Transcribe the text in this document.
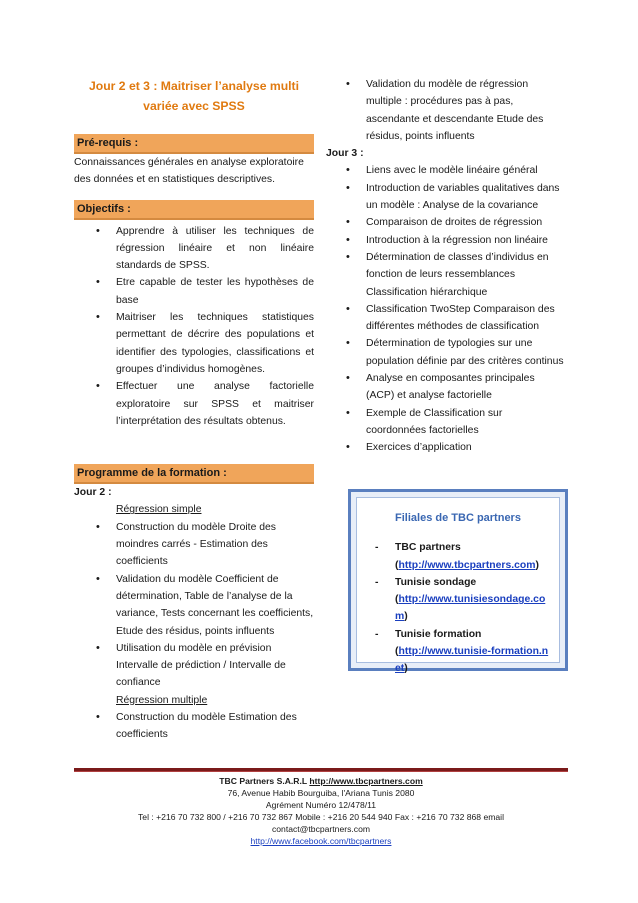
Jour 2 et 3 : Maitriser l’analyse multi variée avec SPSS
Pré-requis :
Connaissances générales en analyse exploratoire des données et en statistiques descriptives.
Objectifs :
• Apprendre à utiliser les techniques de régression linéaire et non linéaire standards de SPSS.
• Etre capable de tester les hypothèses de base
• Maitriser les techniques statistiques permettant de décrire des populations et identifier des typologies, classifications et groupes d’individus homogènes.
• Effectuer une analyse factorielle exploratoire sur SPSS et maitriser l’interprétation des résultats obtenus.
Programme de la formation :
Jour 2 :
Régression simple
• Construction du modèle Droite des moindres carrés - Estimation des coefficients
• Validation du modèle Coefficient de détermination, Table de l’analyse de la variance, Tests concernant les coefficients, Etude des résidus, points influents
• Utilisation du modèle en prévision Intervalle de prédiction / Intervalle de confiance
Régression multiple
• Construction du modèle Estimation des coefficients
• Validation du modèle de régression multiple : procédures pas à pas, ascendante et descendante Etude des résidus, points influents
Jour 3 :
• Liens avec le modèle linéaire général
• Introduction de variables qualitatives dans un modèle : Analyse de la covariance
• Comparaison de droites de régression
• Introduction à la régression non linéaire
• Détermination de classes d’individus en fonction de leurs ressemblances Classification hiérarchique
• Classification TwoStep Comparaison des différentes méthodes de classification
• Détermination de typologies sur une population définie par des critères continus
• Analyse en composantes principales (ACP) et analyse factorielle
• Exemple de Classification sur coordonnées factorielles
• Exercices d’application
Filiales de TBC partners
- TBC partners
(http://www.tbcpartners.com)
- Tunisie sondage
(http://www.tunisiesondage.com)
- Tunisie formation
(http://www.tunisie-formation.net)
TBC Partners S.A.R.L http://www.tbcpartners.com
76, Avenue Habib Bourguiba, l'Ariana Tunis 2080
Agrément Numéro 12/478/11
Tel : +216 70 732 800 / +216 70 732 867 Mobile : +216 20 544 940 Fax : +216 70 732 868 email
contact@tbcpartners.com
http://www.facebook.com/tbcpartners
